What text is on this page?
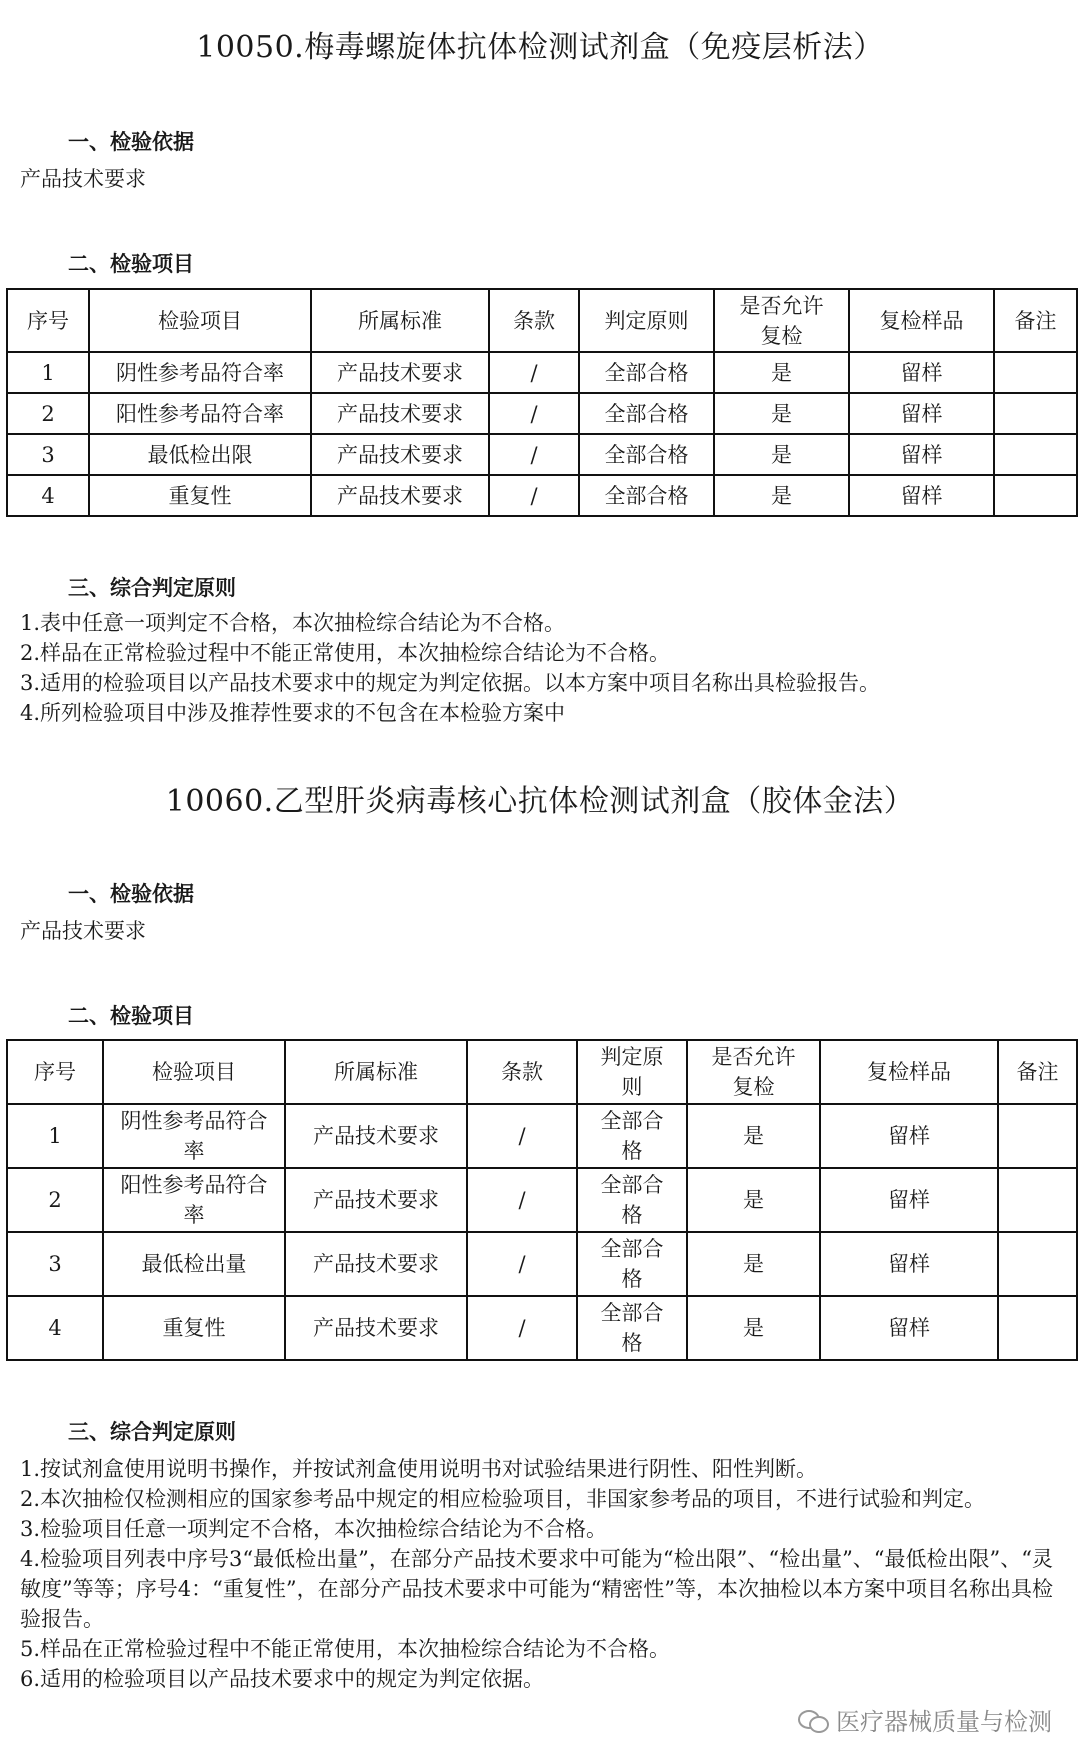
10050.梅毒螺旋体抗体检测试剂盒（免疫层析法）
一、检验依据
产品技术要求
二、检验项目
序号	检验项目	所属标准	条款	判定原则	是否允许复检	复检样品	备注
1	阴性参考品符合率	产品技术要求	/	全部合格	是	留样	
2	阳性参考品符合率	产品技术要求	/	全部合格	是	留样	
3	最低检出限	产品技术要求	/	全部合格	是	留样	
4	重复性	产品技术要求	/	全部合格	是	留样	
三、综合判定原则

1.表中任意一项判定不合格，本次抽检综合结论为不合格。

2.样品在正常检验过程中不能正常使用，本次抽检综合结论为不合格。

3.适用的检验项目以产品技术要求中的规定为判定依据。以本方案中项目名称出具检验报告。

4.所列检验项目中涉及推荐性要求的不包含在本检验方案中

10060.乙型肝炎病毒核心抗体检测试剂盒（胶体金法）
一、检验依据
产品技术要求
二、检验项目
序号	检验项目	所属标准	条款	判定原则	是否允许复检	复检样品	备注
1	阴性参考品符合率	产品技术要求	/	全部合格	是	留样	
2	阳性参考品符合率	产品技术要求	/	全部合格	是	留样	
3	最低检出量	产品技术要求	/	全部合格	是	留样	
4	重复性	产品技术要求	/	全部合格	是	留样	
三、综合判定原则

1.按试剂盒使用说明书操作，并按试剂盒使用说明书对试验结果进行阴性、阳性判断。

2.本次抽检仅检测相应的国家参考品中规定的相应检验项目，非国家参考品的项目，不进行试验和判定。

3.检验项目任意一项判定不合格，本次抽检综合结论为不合格。

4.检验项目列表中序号3“最低检出量”，在部分产品技术要求中可能为“检出限”、“检出量”、“最低检出限”、“灵敏度”等等；序号4：“重复性”，在部分产品技术要求中可能为“精密性”等，本次抽检以本方案中项目名称出具检验报告。

5.样品在正常检验过程中不能正常使用，本次抽检综合结论为不合格。

6.适用的检验项目以产品技术要求中的规定为判定依据。

医疗器械质量与检测
